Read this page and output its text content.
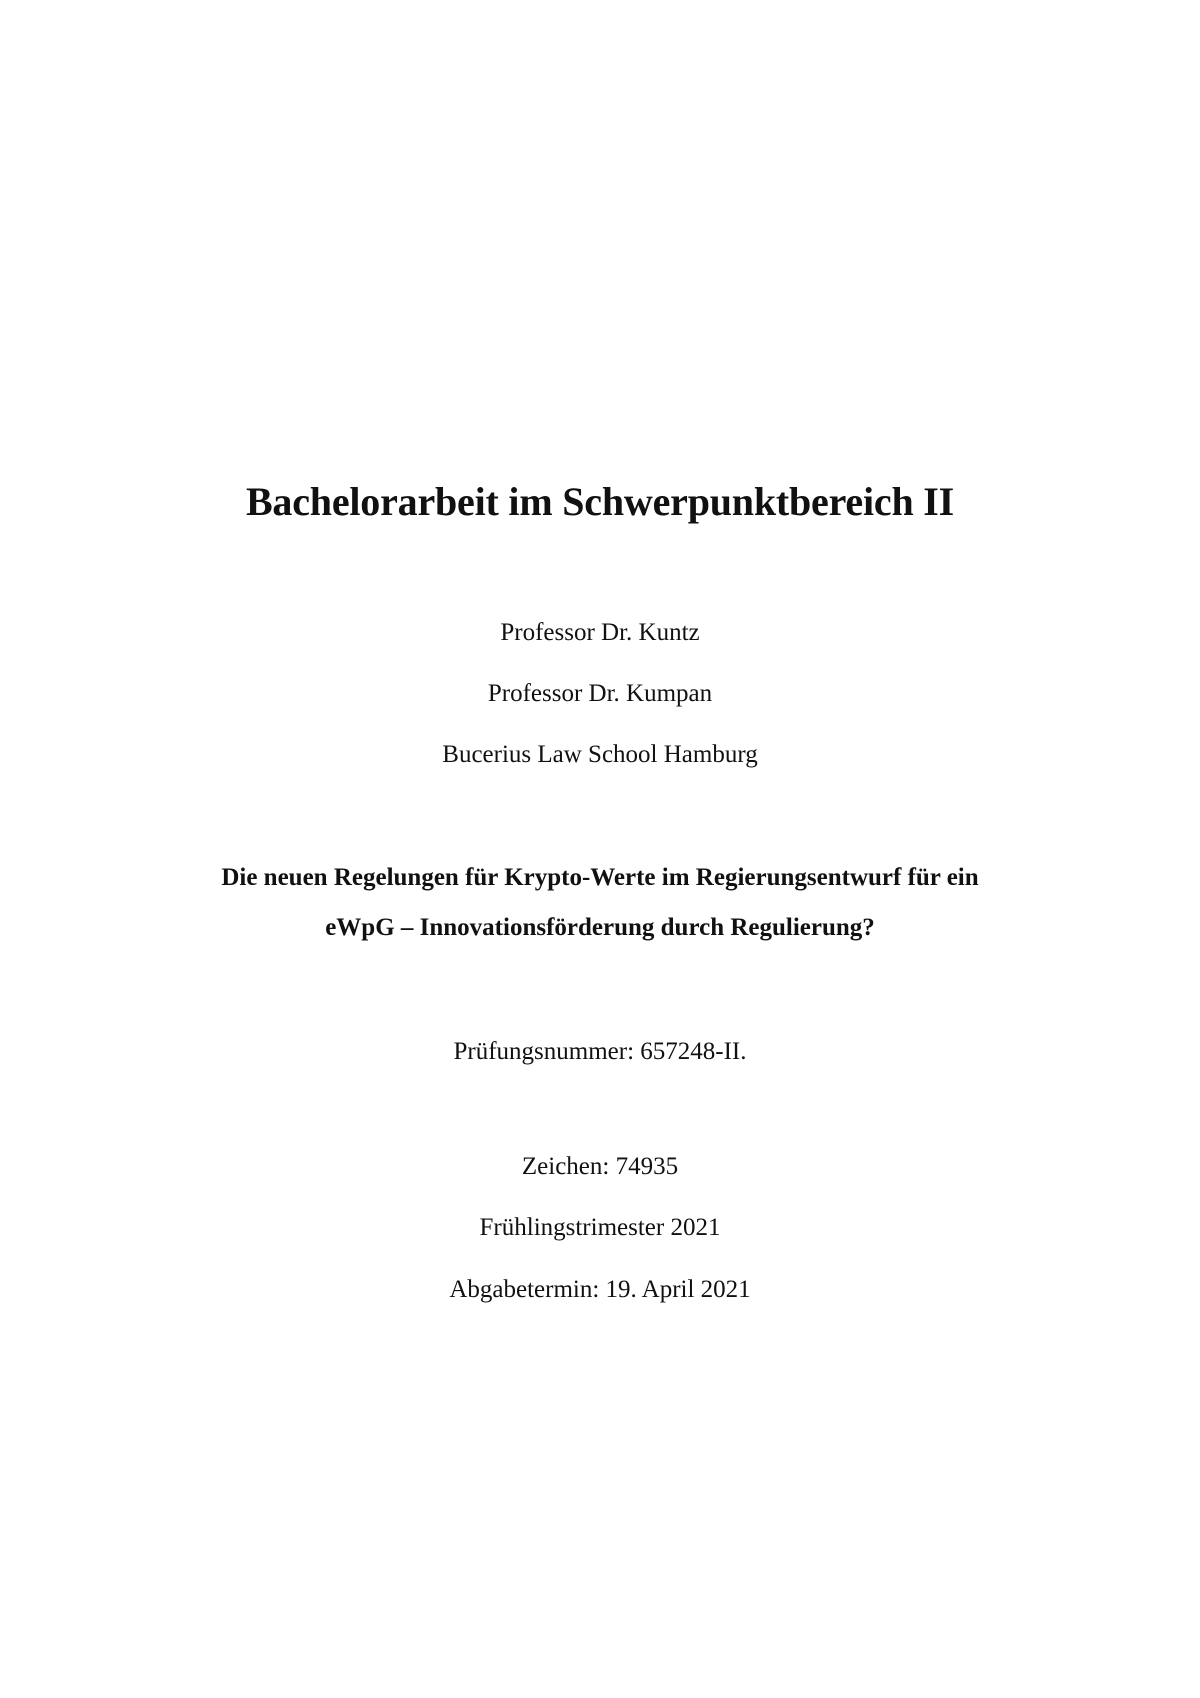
Bachelorarbeit im Schwerpunktbereich II
Professor Dr. Kuntz
Professor Dr. Kumpan
Bucerius Law School Hamburg
Die neuen Regelungen für Krypto-Werte im Regierungsentwurf für ein
eWpG – Innovationsförderung durch Regulierung?
Prüfungsnummer: 657248-II.
Zeichen: 74935
Frühlingstrimester 2021
Abgabetermin: 19. April 2021
